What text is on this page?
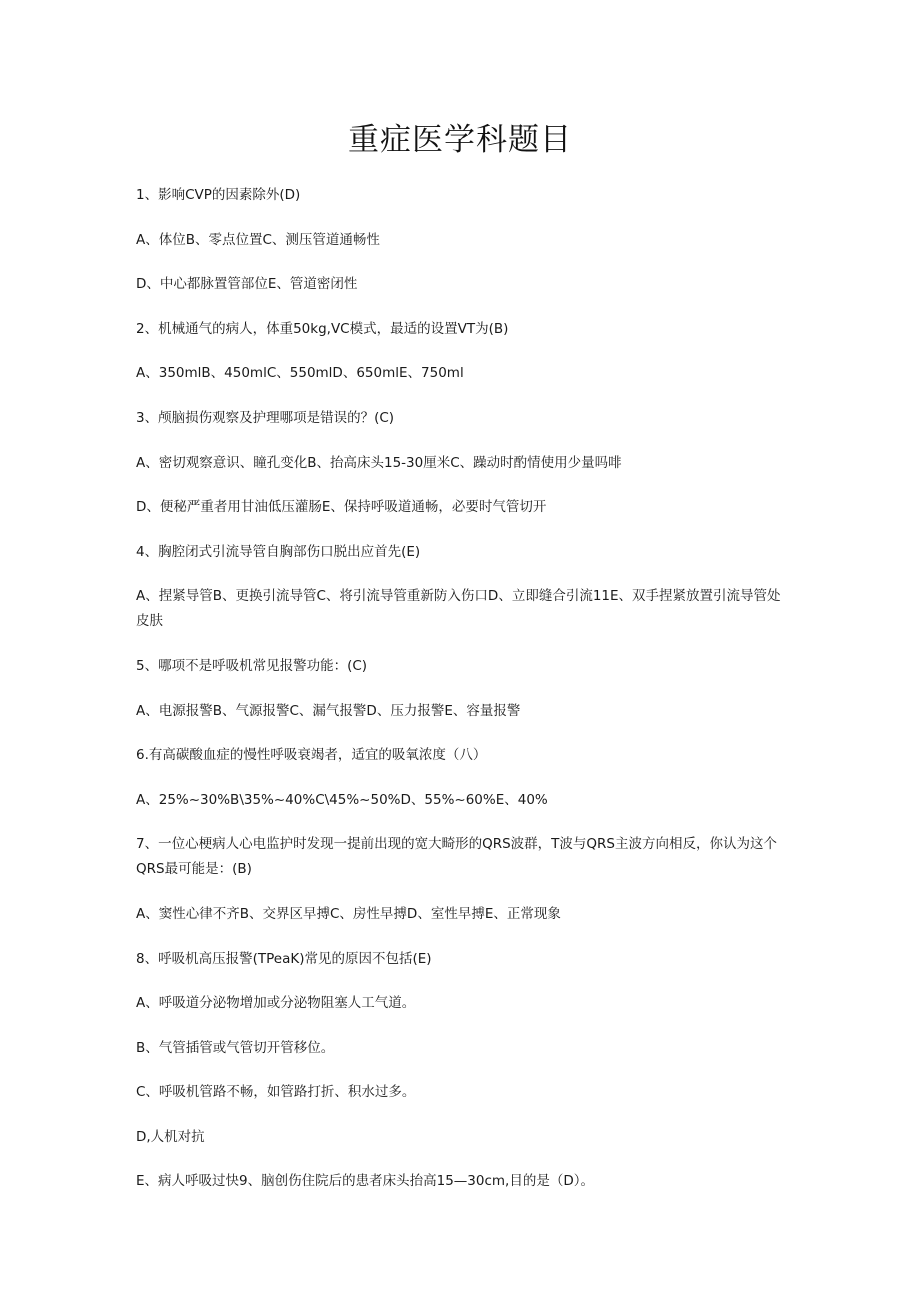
重症医学科题目

1、影响CVP的因素除外(D)

A、体位B、零点位置C、测压管道通畅性

D、中心都脉置管部位E、管道密闭性

2、机械通气的病人，体重50kg,VC模式，最适的设置VT为(B)

A、350mlB、450mlC、550mlD、650mlE、750ml

3、颅脑损伤观察及护理哪项是错误的？(C)

A、密切观察意识、瞳孔变化B、抬高床头15-30厘米C、躁动时酌情使用少量吗啡

D、便秘严重者用甘油低压灌肠E、保持呼吸道通畅，必要时气管切开

4、胸腔闭式引流导管自胸部伤口脱出应首先(E)

A、捏紧导管B、更换引流导管C、将引流导管重新防入伤口D、立即缝合引流11E、双手捏紧放置引流导管处皮肤

5、哪项不是呼吸机常见报警功能：(C)

A、电源报警B、气源报警C、漏气报警D、压力报警E、容量报警

6.有高碳酸血症的慢性呼吸衰竭者，适宜的吸氧浓度（八）

A、25%~30%B\35%~40%C\45%~50%D、55%~60%E、40%

7、一位心梗病人心电监护时发现一提前出现的宽大畸形的QRS波群，T波与QRS主波方向相反，你认为这个QRS最可能是：(B)

A、窦性心律不齐B、交界区早搏C、房性早搏D、室性早搏E、正常现象

8、呼吸机高压报警(TPeaK)常见的原因不包括(E)

A、呼吸道分泌物增加或分泌物阻塞人工气道。

B、气管插管或气管切开管移位。

C、呼吸机管路不畅，如管路打折、积水过多。

D,人机对抗

E、病人呼吸过快9、脑创伤住院后的患者床头抬高15—30cm,目的是（D）。
